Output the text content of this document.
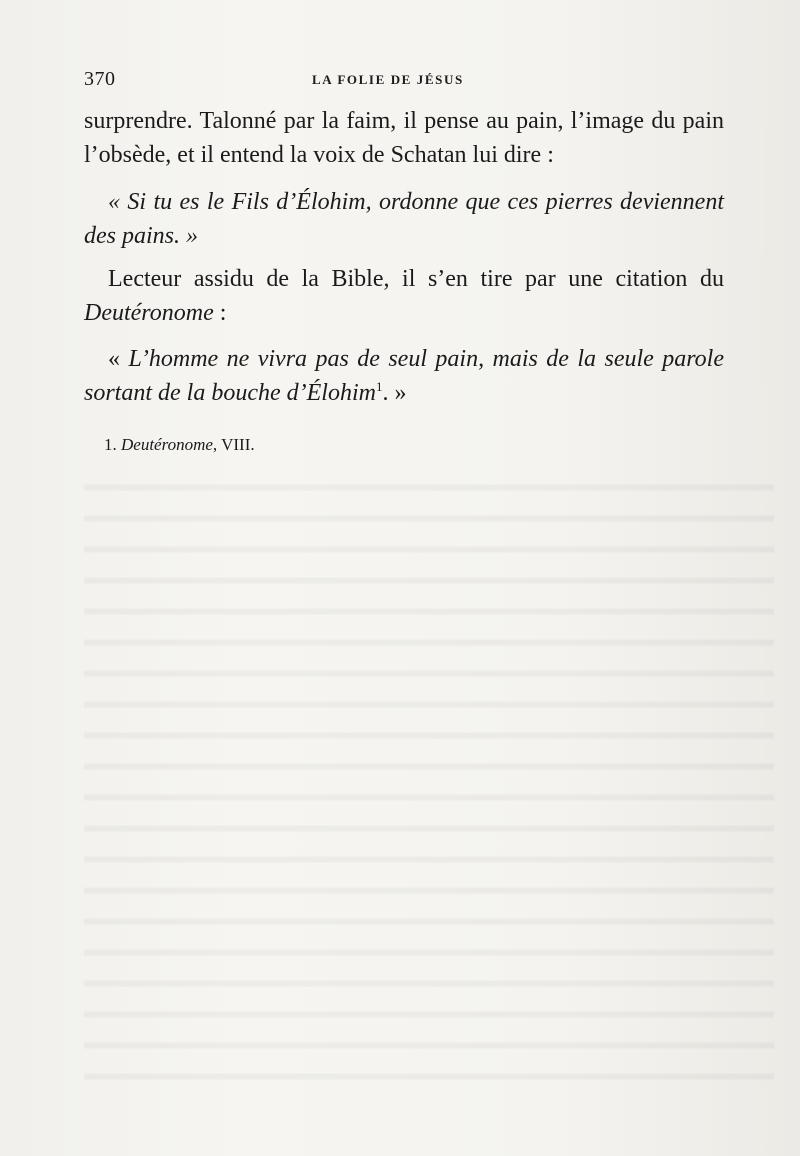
370	LA FOLIE DE JÉSUS
surprendre. Talonné par la faim, il pense au pain, l’image du pain l’obsède, et il entend la voix de Schatan lui dire :
« Si tu es le Fils d’Élohim, ordonne que ces pierres deviennent des pains. »
Lecteur assidu de la Bible, il s’en tire par une citation du Deutéronome :
« L’homme ne vivra pas de seul pain, mais de la seule parole sortant de la bouche d’Élohim$^1$. »
1. Deutéronome, VIII.
